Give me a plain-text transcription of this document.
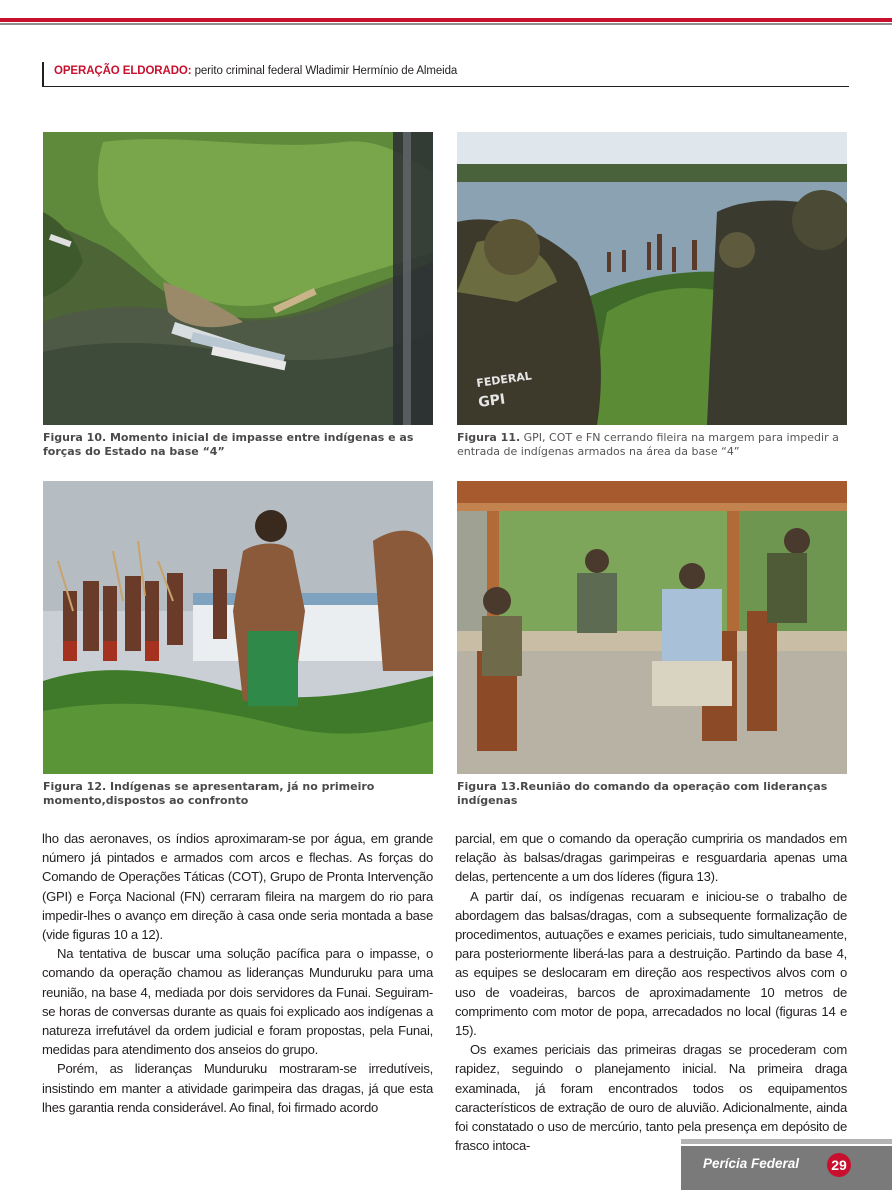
OPERAÇÃO ELDORADO: perito criminal federal Wladimir Hermínio de Almeida
FEDERAL
GPI
Figura 10. Momento inicial de impasse entre indígenas e as forças do Estado na base “4”
Figura 11. GPI, COT e FN cerrando fileira na margem para impedir a entrada de indígenas armados na área da base “4”
Figura 12. Indígenas se apresentaram, já no primeiro momento,dispostos ao confronto
Figura 13.Reunião do comando da operação com lideranças indígenas

lho das aeronaves, os índios aproximaram-se por água, em grande número já pintados e armados com arcos e flechas. As forças do Comando de Operações Táticas (COT), Grupo de Pronta Intervenção (GPI) e Força Nacional (FN) cerraram fileira na margem do rio para impedir-lhes o avanço em direção à casa onde seria montada a base (vide figuras 10 a 12).

Na tentativa de buscar uma solução pacífica para o impasse, o comando da operação chamou as lideranças Munduruku para uma reunião, na base 4, mediada por dois servidores da Funai. Seguiram-se horas de conversas durante as quais foi explicado aos indígenas a natureza irrefutável da ordem judicial e foram propostas, pela Funai, medidas para atendimento dos anseios do grupo.

Porém, as lideranças Munduruku mostraram-se irredutíveis, insistindo em manter a atividade garimpeira das dragas, já que esta lhes garantia renda considerável. Ao final, foi firmado acordo

parcial, em que o comando da operação cumpriria os mandados em relação às balsas/dragas garimpeiras e resguardaria apenas uma delas, pertencente a um dos líderes (figura 13).

A partir daí, os indígenas recuaram e iniciou-se o trabalho de abordagem das balsas/dragas, com a subsequente formalização de procedimentos, autuações e exames periciais, tudo simultaneamente, para posteriormente liberá-las para a destruição. Partindo da base 4, as equipes se deslocaram em direção aos respectivos alvos com o uso de voadeiras, barcos de aproximadamente 10 metros de comprimento com motor de popa, arrecadados no local (figuras 14 e 15).

Os exames periciais das primeiras dragas se procederam com rapidez, seguindo o planejamento inicial. Na primeira draga examinada, já foram encontrados todos os equipamentos característicos de extração de ouro de aluvião. Adicionalmente, ainda foi constatado o uso de mercúrio, tanto pela presença em depósito de frasco intoca-

Perícia Federal	29
